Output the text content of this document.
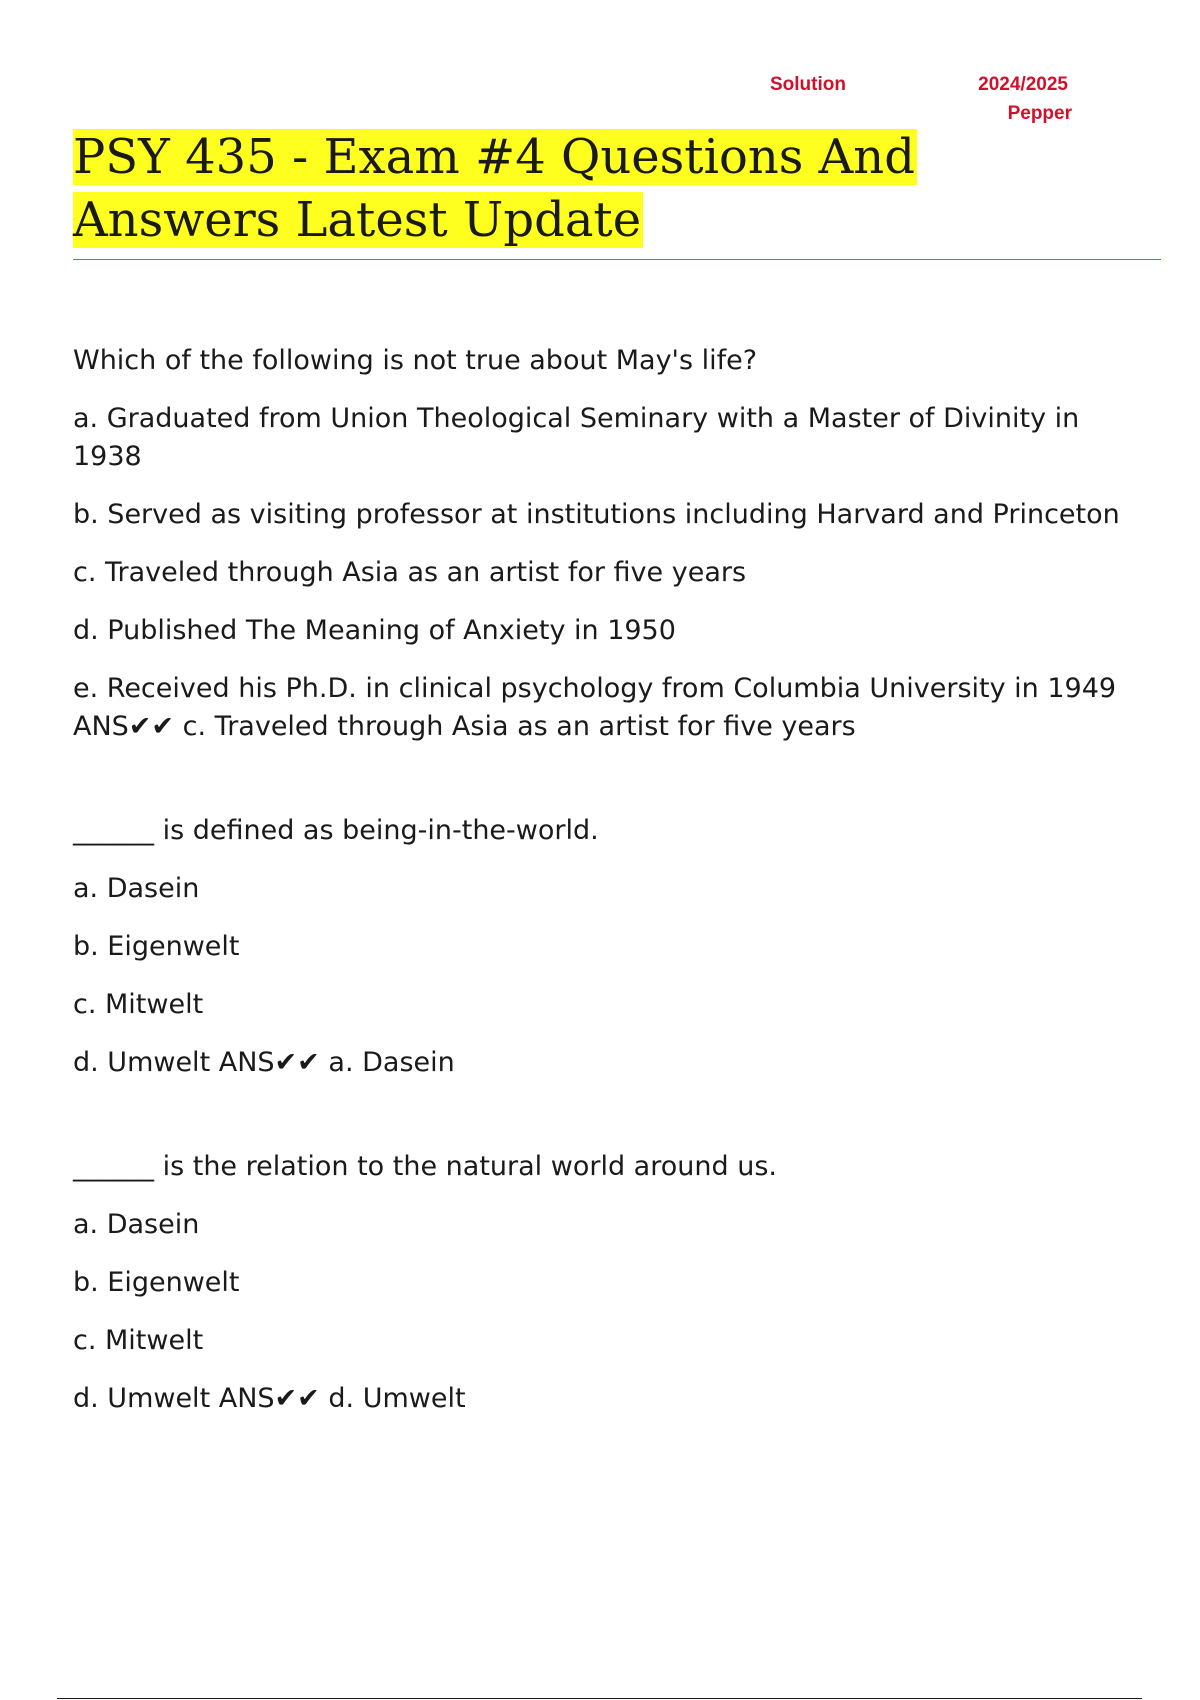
Solution	2024/2025
Pepper
PSY 435 - Exam #4 Questions And Answers Latest Update

Which of the following is not true about May's life?

a. Graduated from Union Theological Seminary with a Master of Divinity in 1938

b. Served as visiting professor at institutions including Harvard and Princeton

c. Traveled through Asia as an artist for five years

d. Published The Meaning of Anxiety in 1950

e. Received his Ph.D. in clinical psychology from Columbia University in 1949 ANS✔✔ c. Traveled through Asia as an artist for five years

______ is defined as being-in-the-world.

a. Dasein

b. Eigenwelt

c. Mitwelt

d. Umwelt ANS✔✔ a. Dasein

______ is the relation to the natural world around us.

a. Dasein

b. Eigenwelt

c. Mitwelt

d. Umwelt ANS✔✔ d. Umwelt
